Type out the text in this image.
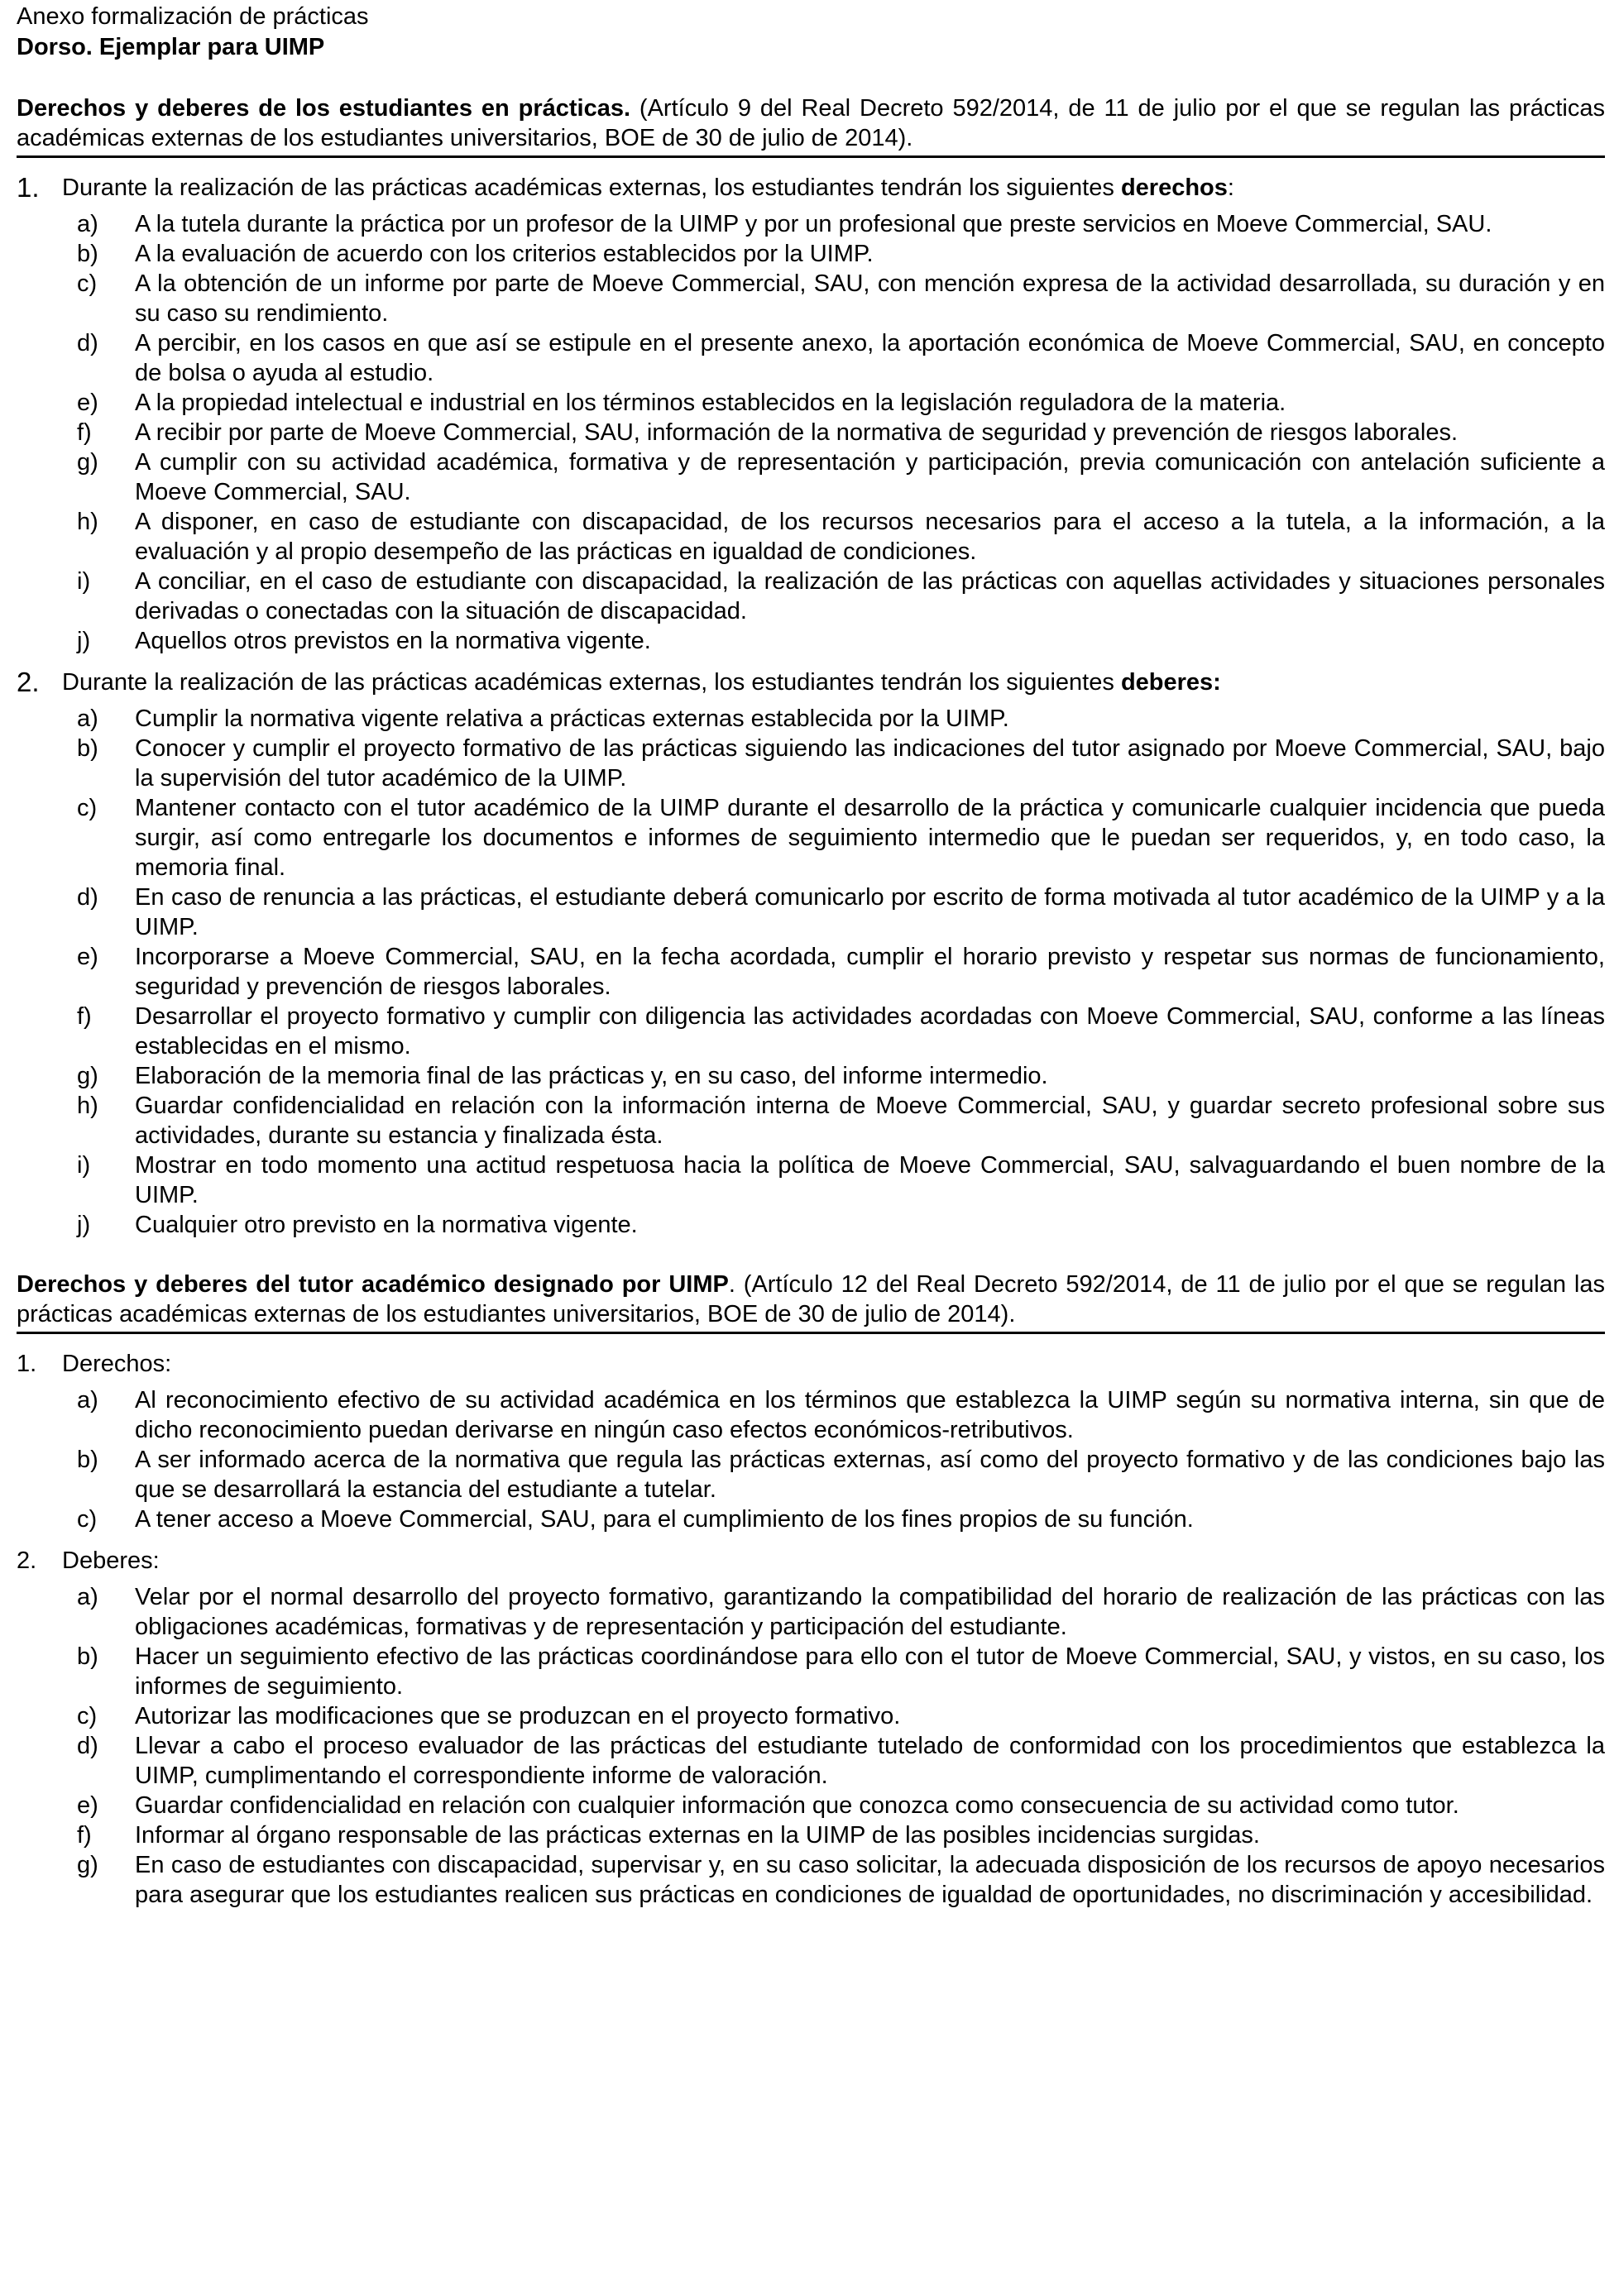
Anexo formalización de prácticas
Dorso. Ejemplar para UIMP
Derechos y deberes de los estudiantes en prácticas. (Artículo 9 del Real Decreto 592/2014, de 11 de julio por el que se regulan las prácticas académicas externas de los estudiantes universitarios, BOE de 30 de julio de 2014).
1. Durante la realización de las prácticas académicas externas, los estudiantes tendrán los siguientes derechos:
a)	A la tutela durante la práctica por un profesor de la UIMP y por un profesional que preste servicios en Moeve Commercial, SAU.
b)	A la evaluación de acuerdo con los criterios establecidos por la UIMP.
c)	A la obtención de un informe por parte de Moeve Commercial, SAU, con mención expresa de la actividad desarrollada, su duración y en su caso su rendimiento.
d)	A percibir, en los casos en que así se estipule en el presente anexo, la aportación económica de Moeve Commercial, SAU, en concepto de bolsa o ayuda al estudio.
e)	A la propiedad intelectual e industrial en los términos establecidos en la legislación reguladora de la materia.
f)	A recibir por parte de Moeve Commercial, SAU, información de la normativa de seguridad y prevención de riesgos laborales.
g)	A cumplir con su actividad académica, formativa y de representación y participación, previa comunicación con antelación suficiente a Moeve Commercial, SAU.
h)	A disponer, en caso de estudiante con discapacidad, de los recursos necesarios para el acceso a la tutela, a la información, a la evaluación y al propio desempeño de las prácticas en igualdad de condiciones.
i)	A conciliar, en el caso de estudiante con discapacidad, la realización de las prácticas con aquellas actividades y situaciones personales derivadas o conectadas con la situación de discapacidad.
j)	Aquellos otros previstos en la normativa vigente.
2. Durante la realización de las prácticas académicas externas, los estudiantes tendrán los siguientes deberes:
a)	Cumplir la normativa vigente relativa a prácticas externas establecida por la UIMP.
b)	Conocer y cumplir el proyecto formativo de las prácticas siguiendo las indicaciones del tutor asignado por Moeve Commercial, SAU, bajo la supervisión del tutor académico de la UIMP.
c)	Mantener contacto con el tutor académico de la UIMP durante el desarrollo de la práctica y comunicarle cualquier incidencia que pueda surgir, así como entregarle los documentos e informes de seguimiento intermedio que le puedan ser requeridos, y, en todo caso, la memoria final.
d)	En caso de renuncia a las prácticas, el estudiante deberá comunicarlo por escrito de forma motivada al tutor académico de la UIMP y a la UIMP.
e)	Incorporarse a Moeve Commercial, SAU, en la fecha acordada, cumplir el horario previsto y respetar sus normas de funcionamiento, seguridad y prevención de riesgos laborales.
f)	Desarrollar el proyecto formativo y cumplir con diligencia las actividades acordadas con Moeve Commercial, SAU, conforme a las líneas establecidas en el mismo.
g)	Elaboración de la memoria final de las prácticas y, en su caso, del informe intermedio.
h)	Guardar confidencialidad en relación con la información interna de Moeve Commercial, SAU, y guardar secreto profesional sobre sus actividades, durante su estancia y finalizada ésta.
i)	Mostrar en todo momento una actitud respetuosa hacia la política de Moeve Commercial, SAU, salvaguardando el buen nombre de la UIMP.
j)	Cualquier otro previsto en la normativa vigente.
Derechos y deberes del tutor académico designado por UIMP. (Artículo 12 del Real Decreto 592/2014, de 11 de julio por el que se regulan las prácticas académicas externas de los estudiantes universitarios, BOE de 30 de julio de 2014).
1.	Derechos:
a)	Al reconocimiento efectivo de su actividad académica en los términos que establezca la UIMP según su normativa interna, sin que de dicho reconocimiento puedan derivarse en ningún caso efectos económicos-retributivos.
b)	A ser informado acerca de la normativa que regula las prácticas externas, así como del proyecto formativo y de las condiciones bajo las que se desarrollará la estancia del estudiante a tutelar.
c)	A tener acceso a Moeve Commercial, SAU, para el cumplimiento de los fines propios de su función.
2.	Deberes:
a)	Velar por el normal desarrollo del proyecto formativo, garantizando la compatibilidad del horario de realización de las prácticas con las obligaciones académicas, formativas y de representación y participación del estudiante.
b)	Hacer un seguimiento efectivo de las prácticas coordinándose para ello con el tutor de Moeve Commercial, SAU, y vistos, en su caso, los informes de seguimiento.
c)	Autorizar las modificaciones que se produzcan en el proyecto formativo.
d)	Llevar a cabo el proceso evaluador de las prácticas del estudiante tutelado de conformidad con los procedimientos que establezca la UIMP, cumplimentando el correspondiente informe de valoración.
e)	Guardar confidencialidad en relación con cualquier información que conozca como consecuencia de su actividad como tutor.
f)	Informar al órgano responsable de las prácticas externas en la UIMP de las posibles incidencias surgidas.
g)	En caso de estudiantes con discapacidad, supervisar y, en su caso solicitar, la adecuada disposición de los recursos de apoyo necesarios para asegurar que los estudiantes realicen sus prácticas en condiciones de igualdad de oportunidades, no discriminación y accesibilidad.
